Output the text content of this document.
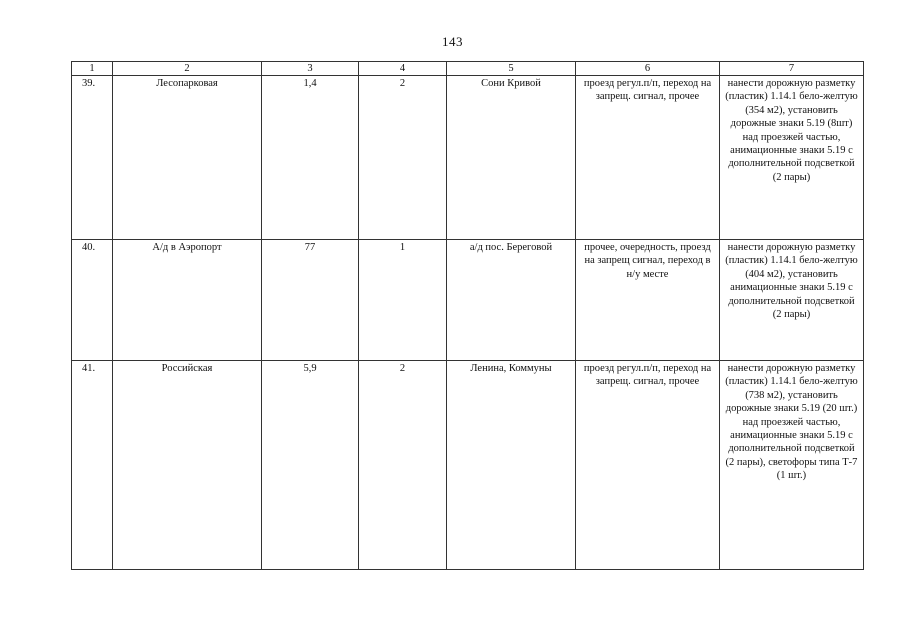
143
1	2	3	4	5	6	7
39.	Лесопарковая	1,4	2	Сони Кривой	проезд регул.п/п, переход на запрещ. сигнал, прочее	нанести дорожную разметку (пластик) 1.14.1 бело-желтую (354 м2), установить дорожные знаки 5.19 (8шт) над проезжей частью, анимационные знаки 5.19 с дополнительной подсветкой (2 пары)
40.	А/д в Аэропорт	77	1	а/д пос. Береговой	прочее, очередность, проезд на запрещ сигнал, переход в н/у месте	нанести дорожную разметку (пластик) 1.14.1 бело-желтую (404 м2), установить анимационные знаки 5.19 с дополнительной подсветкой (2 пары)
41.	Российская	5,9	2	Ленина, Коммуны	проезд регул.п/п, переход на запрещ. сигнал, прочее	нанести дорожную разметку (пластик) 1.14.1 бело-желтую (738 м2), установить дорожные знаки 5.19 (20 шт.) над проезжей частью, анимационные знаки 5.19 с дополнительной подсветкой (2 пары), светофоры типа Т-7 (1 шт.)
